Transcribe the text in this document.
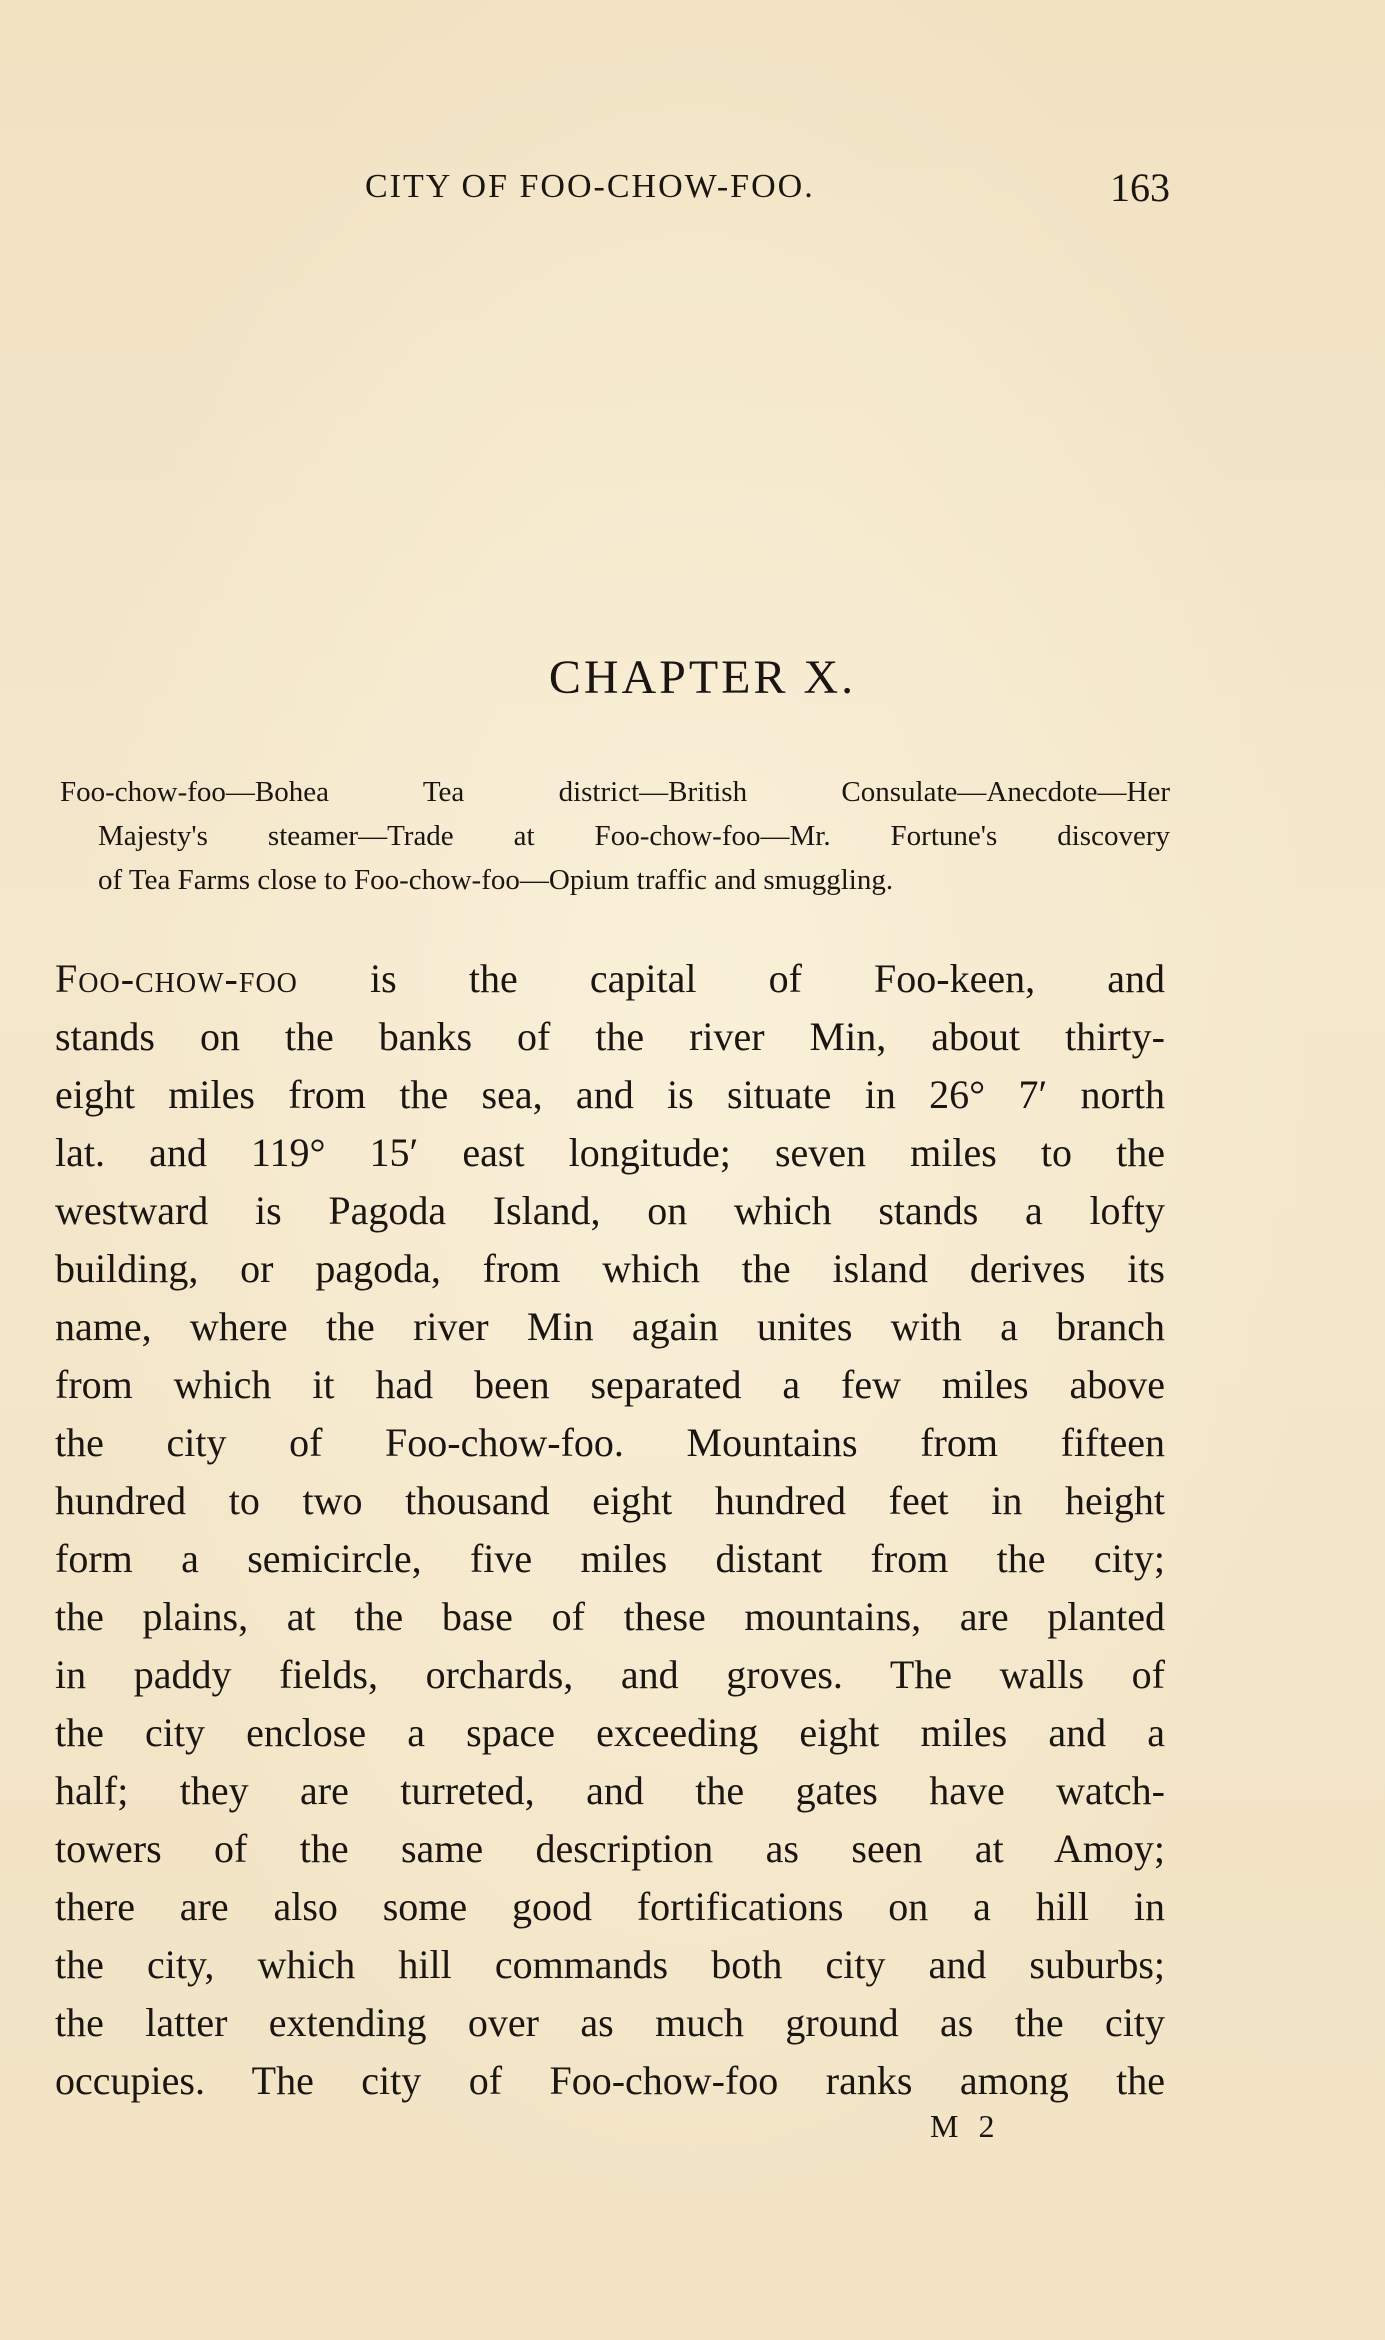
CITY OF FOO-CHOW-FOO.	163
CHAPTER X.
Foo-chow-foo—Bohea Tea district—British Consulate—Anecdote—Her
Majesty's steamer—Trade at Foo-chow-foo—Mr. Fortune's discovery
of Tea Farms close to Foo-chow-foo—Opium traffic and smuggling.
Foo-chow-foo is the capital of Foo-keen, and
stands on the banks of the river Min, about thirty-
eight miles from the sea, and is situate in 26° 7′ north
lat. and 119° 15′ east longitude; seven miles to the
westward is Pagoda Island, on which stands a lofty
building, or pagoda, from which the island derives its
name, where the river Min again unites with a branch
from which it had been separated a few miles above
the city of Foo-chow-foo. Mountains from fifteen
hundred to two thousand eight hundred feet in height
form a semicircle, five miles distant from the city;
the plains, at the base of these mountains, are planted
in paddy fields, orchards, and groves. The walls of
the city enclose a space exceeding eight miles and a
half; they are turreted, and the gates have watch-
towers of the same description as seen at Amoy;
there are also some good fortifications on a hill in
the city, which hill commands both city and suburbs;
the latter extending over as much ground as the city
occupies. The city of Foo-chow-foo ranks among the
M 2
